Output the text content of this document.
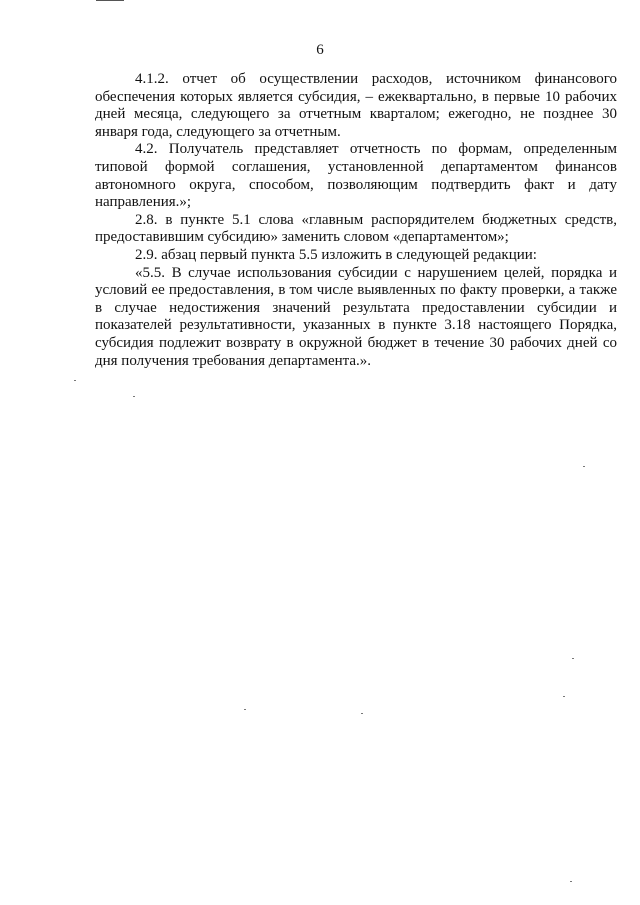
6

4.1.2. отчет об осуществлении расходов, источником финансового обеспечения которых является субсидия, – ежеквартально, в первые 10 рабочих дней месяца, следующего за отчетным кварталом; ежегодно, не позднее 30 января года, следующего за отчетным.

4.2. Получатель представляет отчетность по формам, определенным типовой формой соглашения, установленной департаментом финансов автономного округа, способом, позволяющим подтвердить факт и дату направления.»;

2.8. в пункте 5.1 слова «главным распорядителем бюджетных средств, предоставившим субсидию» заменить словом «департаментом»;

2.9. абзац первый пункта 5.5 изложить в следующей редакции:

«5.5. В случае использования субсидии с нарушением целей, порядка и условий ее предоставления, в том числе выявленных по факту проверки, а также в случае недостижения значений результата предоставлении субсидии и показателей результативности, указанных в пункте 3.18 настоящего Порядка, субсидия подлежит возврату в окружной бюджет в течение 30 рабочих дней со дня получения требования департамента.».
